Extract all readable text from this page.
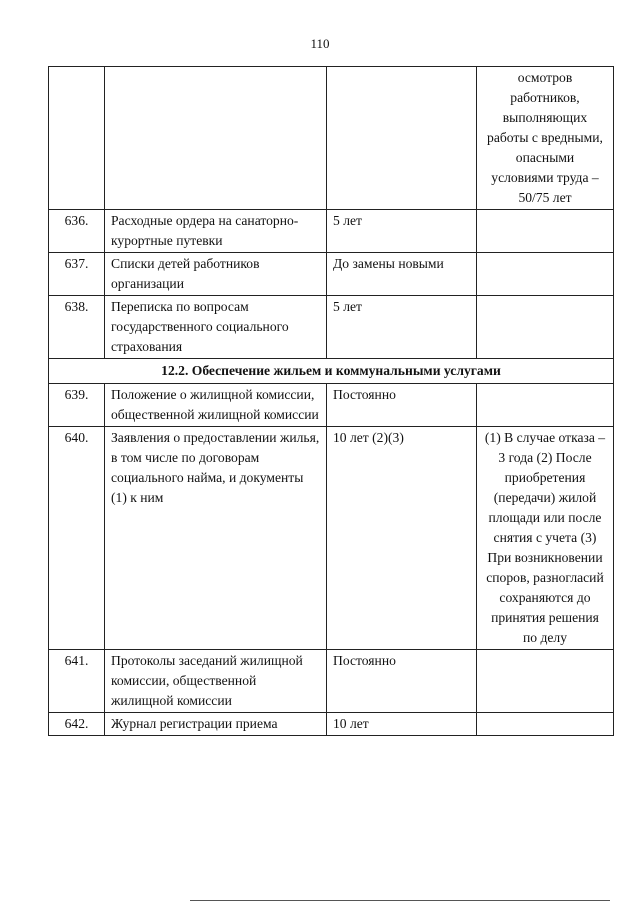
110
			осмотров работников, выполняющих работы с вредными, опасными условиями труда – 50/75 лет
636.	Расходные ордера на санаторно-курортные путевки	5 лет	
637.	Списки детей работников организации	До замены новыми	
638.	Переписка по вопросам государственного социального страхования	5 лет	
12.2. Обеспечение жильем и коммунальными услугами			
639.	Положение о жилищной комиссии, общественной жилищной комиссии	Постоянно	
640.	Заявления о предоставлении жилья, в том числе по договорам социального найма, и документы (1) к ним	10 лет (2)(3)	(1) В случае отказа – 3 года (2) После приобретения (передачи) жилой площади или после снятия с учета (3) При возникновении споров, разногласий сохраняются до принятия решения по делу
641.	Протоколы заседаний жилищной комиссии, общественной жилищной комиссии	Постоянно	
642.	Журнал регистрации приема	10 лет	
